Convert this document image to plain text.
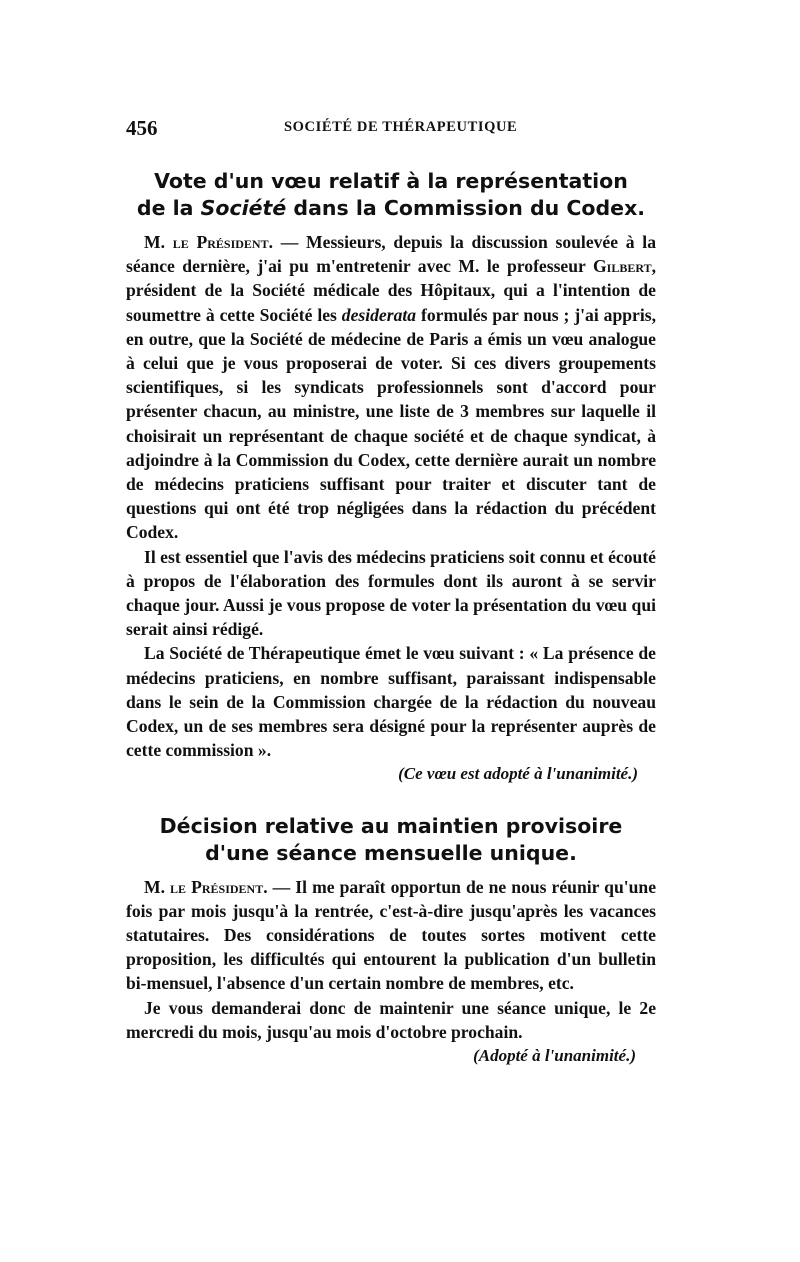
456	SOCIÉTÉ DE THÉRAPEUTIQUE
Vote d'un vœu relatif à la représentation
de la Société dans la Commission du Codex.

M. le Président. — Messieurs, depuis la discussion soulevée à la séance dernière, j'ai pu m'entretenir avec M. le professeur Gilbert, président de la Société médicale des Hôpitaux, qui a l'intention de soumettre à cette Société les desiderata formulés par nous ; j'ai appris, en outre, que la Société de médecine de Paris a émis un vœu analogue à celui que je vous proposerai de voter. Si ces divers groupements scientifiques, si les syndicats professionnels sont d'accord pour présenter chacun, au ministre, une liste de 3 membres sur laquelle il choisirait un représentant de chaque société et de chaque syndicat, à adjoindre à la Commission du Codex, cette dernière aurait un nombre de médecins praticiens suffisant pour traiter et discuter tant de questions qui ont été trop négligées dans la rédaction du précédent Codex.

Il est essentiel que l'avis des médecins praticiens soit connu et écouté à propos de l'élaboration des formules dont ils auront à se servir chaque jour. Aussi je vous propose de voter la présentation du vœu qui serait ainsi rédigé.

La Société de Thérapeutique émet le vœu suivant : « La présence de médecins praticiens, en nombre suffisant, paraissant indispensable dans le sein de la Commission chargée de la rédaction du nouveau Codex, un de ses membres sera désigné pour la représenter auprès de cette commission ».

(Ce vœu est adopté à l'unanimité.)
Décision relative au maintien provisoire
d'une séance mensuelle unique.

M. le Président. — Il me paraît opportun de ne nous réunir qu'une fois par mois jusqu'à la rentrée, c'est-à-dire jusqu'après les vacances statutaires. Des considérations de toutes sortes motivent cette proposition, les difficultés qui entourent la publication d'un bulletin bi-mensuel, l'absence d'un certain nombre de membres, etc.

Je vous demanderai donc de maintenir une séance unique, le 2e mercredi du mois, jusqu'au mois d'octobre prochain.

(Adopté à l'unanimité.)
